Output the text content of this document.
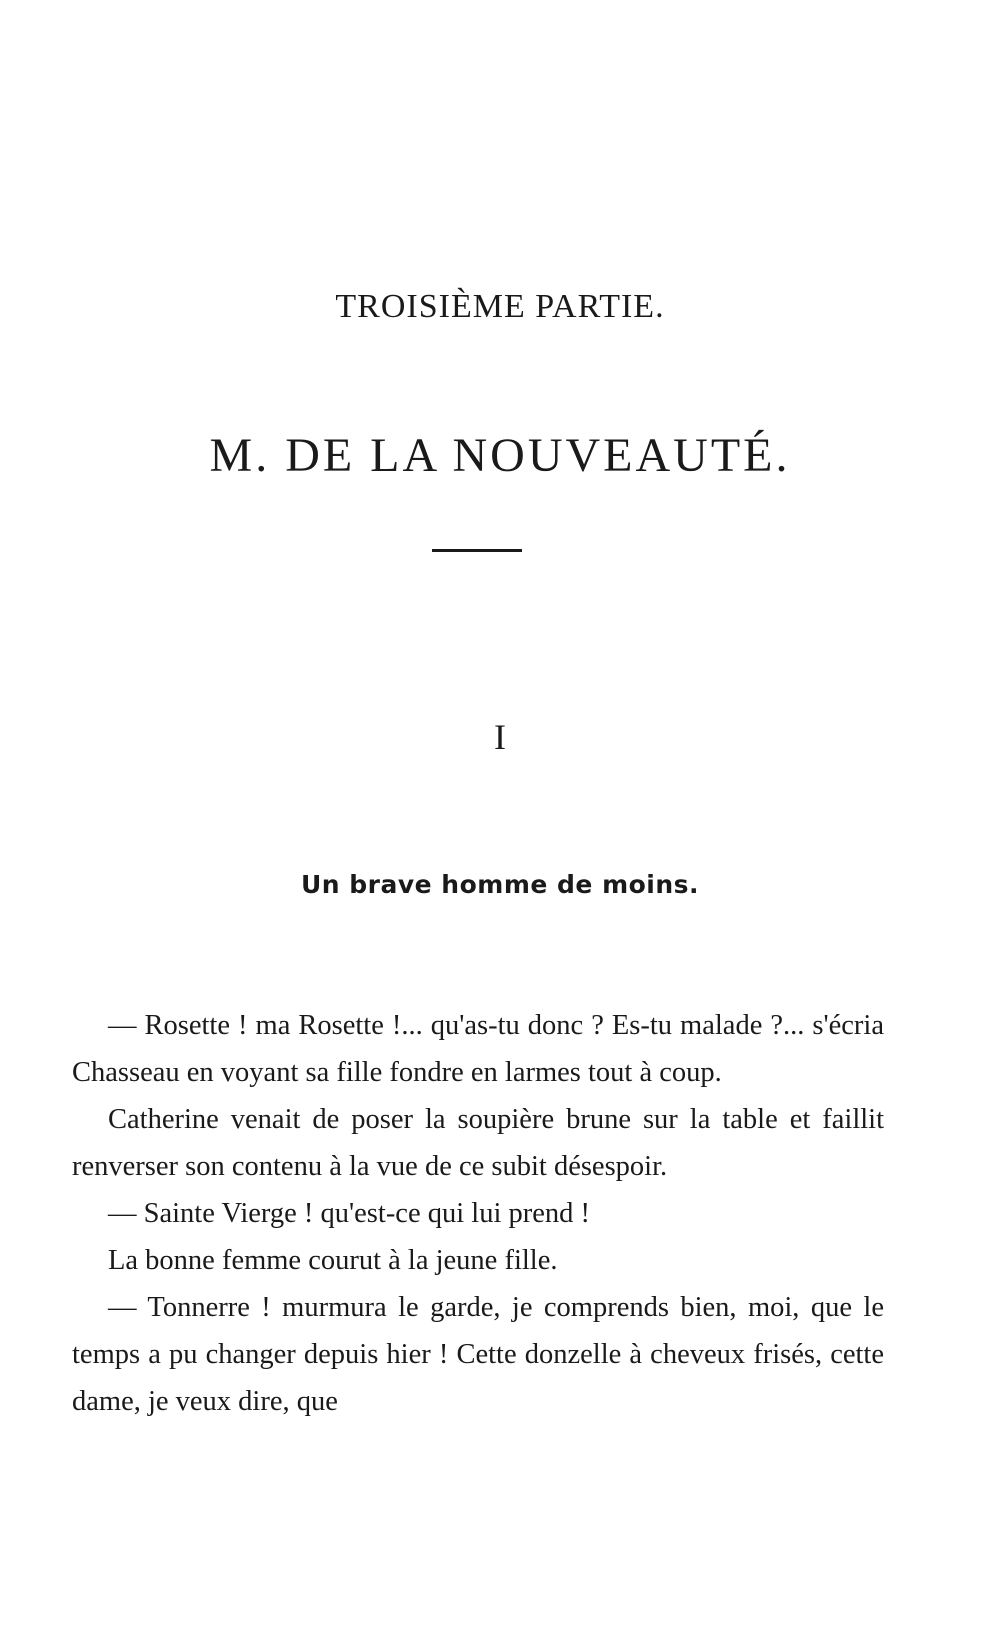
TROISIÈME PARTIE.
M. DE LA NOUVEAUTÉ.
I
Un brave homme de moins.

— Rosette ! ma Rosette !... qu'as-tu donc ? Es-tu malade ?... s'écria Chasseau en voyant sa fille fondre en larmes tout à coup.

Catherine venait de poser la soupière brune sur la table et faillit renverser son contenu à la vue de ce subit désespoir.

— Sainte Vierge ! qu'est-ce qui lui prend !

La bonne femme courut à la jeune fille.

— Tonnerre ! murmura le garde, je comprends bien, moi, que le temps a pu changer depuis hier ! Cette donzelle à cheveux frisés, cette dame, je veux dire, que
